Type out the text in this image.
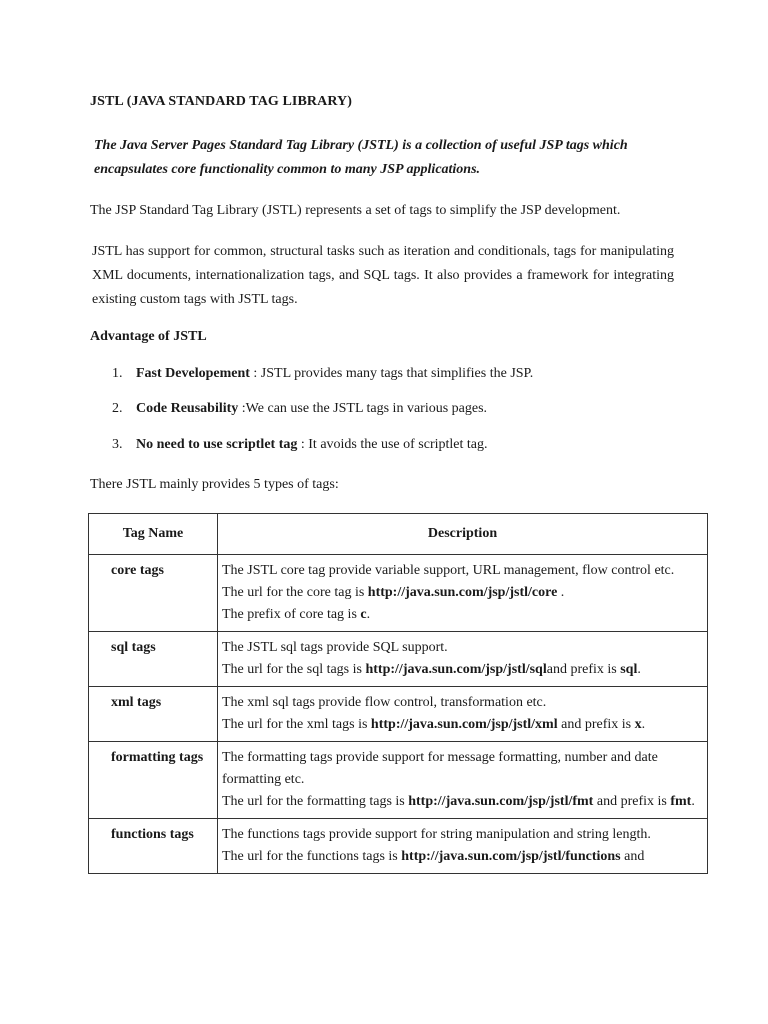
JSTL (JAVA STANDARD TAG LIBRARY)
The Java Server Pages Standard Tag Library (JSTL) is a collection of useful JSP tags which encapsulates core functionality common to many JSP applications.
The JSP Standard Tag Library (JSTL) represents a set of tags to simplify the JSP development.
JSTL has support for common, structural tasks such as iteration and conditionals, tags for manipulating XML documents, internationalization tags, and SQL tags. It also provides a framework for integrating existing custom tags with JSTL tags.
Advantage of JSTL
1. Fast Developement : JSTL provides many tags that simplifies the JSP.
2. Code Reusability :We can use the JSTL tags in various pages.
3. No need to use scriptlet tag : It avoids the use of scriptlet tag.
There JSTL mainly provides 5 types of tags:
Tag Name	Description
core tags	The JSTL core tag provide variable support, URL management, flow control etc.
The url for the core tag is http://java.sun.com/jsp/jstl/core .
The prefix of core tag is c.

sql tags	The JSTL sql tags provide SQL support.
The url for the sql tags is http://java.sun.com/jsp/jstl/sqland prefix is sql.

xml tags	The xml sql tags provide flow control, transformation etc.
The url for the xml tags is http://java.sun.com/jsp/jstl/xml and prefix is x.

formatting tags	The formatting tags provide support for message formatting, number and date formatting etc.
The url for the formatting tags is http://java.sun.com/jsp/jstl/fmt and prefix is fmt.

functions tags	The functions tags provide support for string manipulation and string length.
The url for the functions tags is http://java.sun.com/jsp/jstl/functions and
